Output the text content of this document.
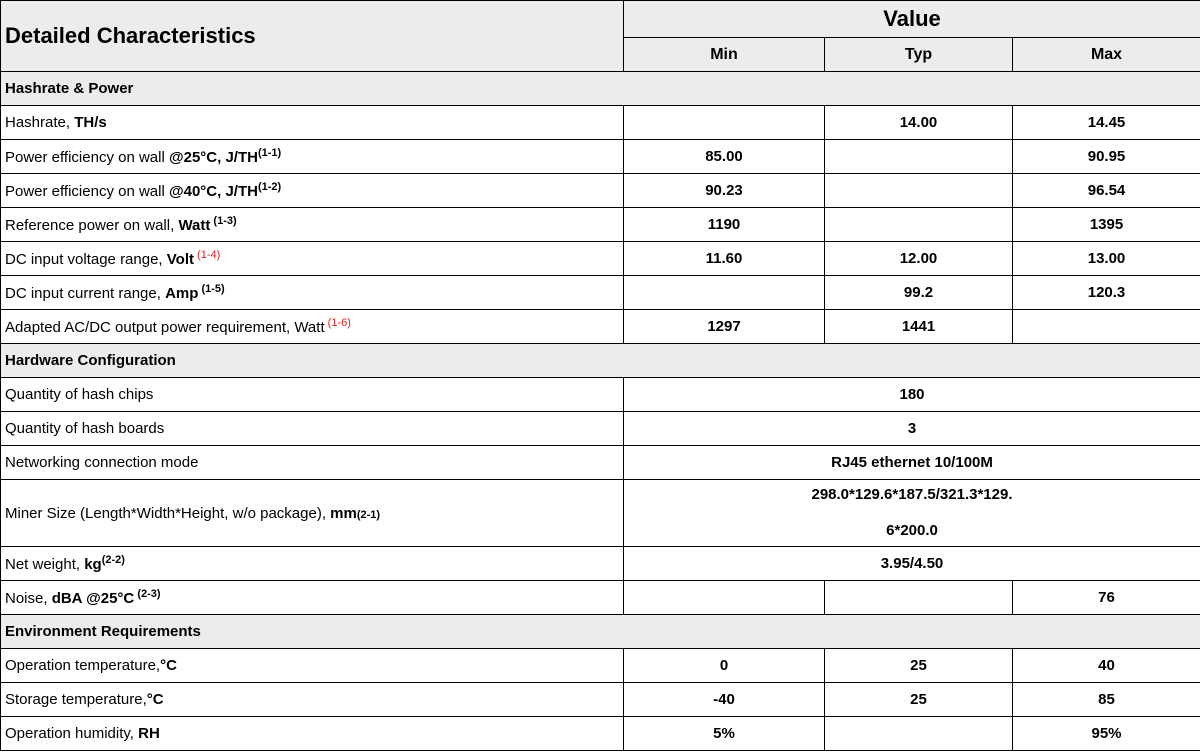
Detailed Characteristics	Value		
	Min	Typ	Max
Hashrate & Power			
Hashrate, TH/s		14.00	14.45
Power efficiency on wall @25°C, J/TH$^{(1-1)}$	85.00		90.95
Power efficiency on wall @40°C, J/TH$^{(1-2)}$	90.23		96.54
Reference power on wall, Watt $^{(1-3)}$	1190		1395
DC input voltage range, Volt $^{(1-4)}$	11.60	12.00	13.00
DC input current range, Amp $^{(1-5)}$		99.2	120.3
Adapted AC/DC output power requirement, Watt $^{(1-6)}$	1297	1441	
Hardware Configuration			
Quantity of hash chips	180		
Quantity of hash boards	3		
Networking connection mode	RJ45 ethernet 10/100M		
Miner Size (Length*Width*Height, w/o package), mm(2-1)	298.0*129.6*187.5/321.3*129.
6*200.0		

Net weight, $kg^{(2-2)}$	3.95/4.50		
Noise, dBA @25°C $^{(2-3)}$			76
Environment Requirements			
Operation temperature,°C	0	25	40
Storage temperature,°C	-40	25	85
Operation humidity, RH	5%		95%
